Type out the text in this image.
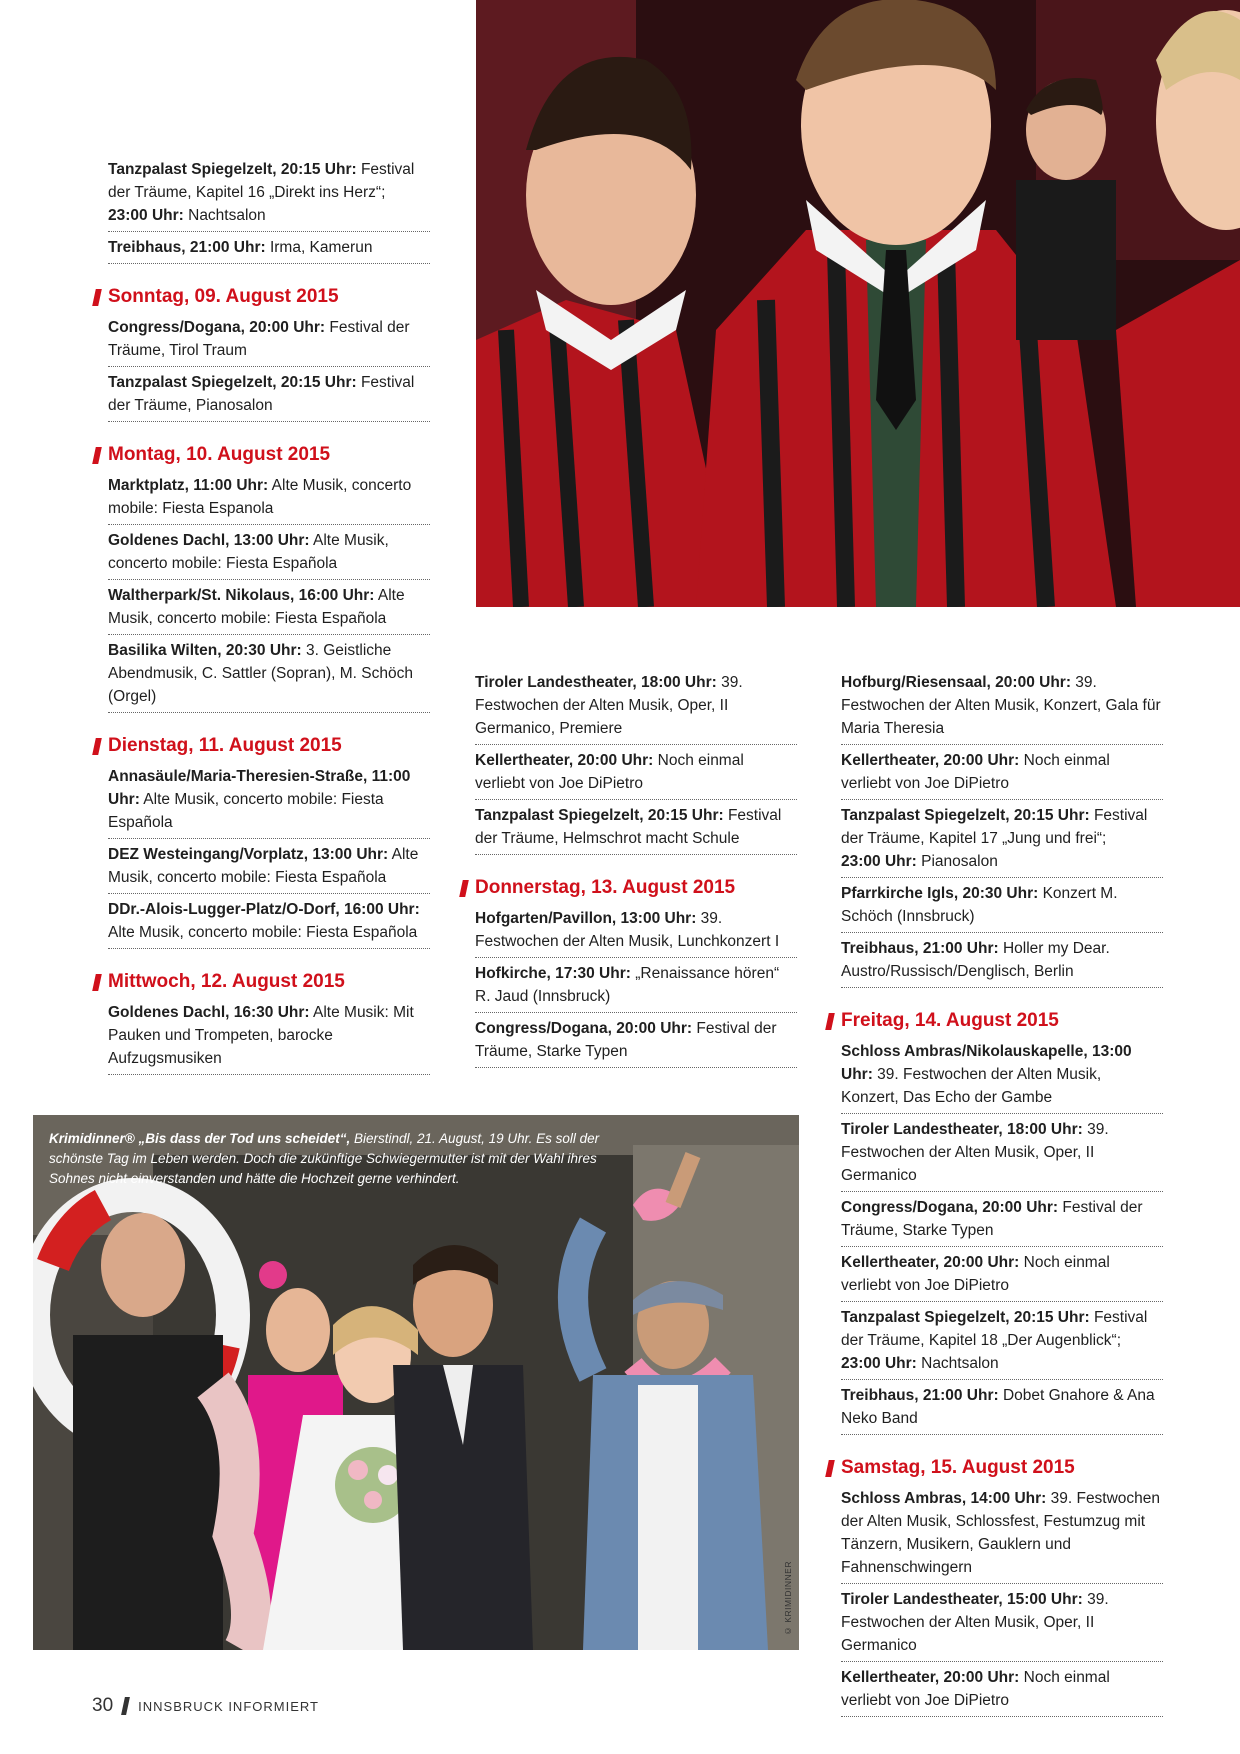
Tanzpalast Spiegelzelt, 20:15 Uhr: Festival der Träume, Kapitel 16 „Direkt ins Herz“;
23:00 Uhr: Nachtsalon
Treibhaus, 21:00 Uhr: Irma, Kamerun
Sonntag, 09. August 2015
Congress/Dogana, 20:00 Uhr: Festival der Träume, Tirol Traum
Tanzpalast Spiegelzelt, 20:15 Uhr: Festival der Träume, Pianosalon
Montag, 10. August 2015
Marktplatz, 11:00 Uhr: Alte Musik, concerto mobile: Fiesta Espanola
Goldenes Dachl, 13:00 Uhr: Alte Musik, concerto mobile: Fiesta Española
Waltherpark/St. Nikolaus, 16:00 Uhr: Alte Musik, concerto mobile: Fiesta Española
Basilika Wilten, 20:30 Uhr: 3. Geistliche Abendmusik, C. Sattler (Sopran), M. Schöch (Orgel)
Dienstag, 11. August 2015
Annasäule/Maria-Theresien-Straße, 11:00 Uhr: Alte Musik, concerto mobile: Fiesta Española
DEZ Westeingang/Vorplatz, 13:00 Uhr: Alte Musik, concerto mobile: Fiesta Española
DDr.-Alois-Lugger-Platz/O-Dorf, 16:00 Uhr: Alte Musik, concerto mobile: Fiesta Española
Mittwoch, 12. August 2015
Goldenes Dachl, 16:30 Uhr: Alte Musik: Mit Pauken und Trompeten, barocke Aufzugsmusiken
Tiroler Landestheater, 18:00 Uhr: 39. Festwochen der Alten Musik, Oper, II Germanico, Premiere
Kellertheater, 20:00 Uhr: Noch einmal verliebt von Joe DiPietro
Tanzpalast Spiegelzelt, 20:15 Uhr: Festival der Träume, Helmschrot macht Schule
Donnerstag, 13. August 2015
Hofgarten/Pavillon, 13:00 Uhr: 39. Festwochen der Alten Musik, Lunchkonzert I
Hofkirche, 17:30 Uhr: „Renaissance hören“ R. Jaud (Innsbruck)
Congress/Dogana, 20:00 Uhr: Festival der Träume, Starke Typen
Hofburg/Riesensaal, 20:00 Uhr: 39. Festwochen der Alten Musik, Konzert, Gala für Maria Theresia
Kellertheater, 20:00 Uhr: Noch einmal verliebt von Joe DiPietro
Tanzpalast Spiegelzelt, 20:15 Uhr: Festival der Träume, Kapitel 17 „Jung und frei“;
23:00 Uhr: Pianosalon
Pfarrkirche Igls, 20:30 Uhr: Konzert M. Schöch (Innsbruck)
Treibhaus, 21:00 Uhr: Holler my Dear. Austro/Russisch/Denglisch, Berlin
Freitag, 14. August 2015
Schloss Ambras/Nikolauskapelle, 13:00 Uhr: 39. Festwochen der Alten Musik, Konzert, Das Echo der Gambe
Tiroler Landestheater, 18:00 Uhr: 39. Festwochen der Alten Musik, Oper, II Germanico
Congress/Dogana, 20:00 Uhr: Festival der Träume, Starke Typen
Kellertheater, 20:00 Uhr: Noch einmal verliebt von Joe DiPietro
Tanzpalast Spiegelzelt, 20:15 Uhr: Festival der Träume, Kapitel 18 „Der Augenblick“;
23:00 Uhr: Nachtsalon
Treibhaus, 21:00 Uhr: Dobet Gnahore & Ana Neko Band
Samstag, 15. August 2015
Schloss Ambras, 14:00 Uhr: 39. Festwochen der Alten Musik, Schlossfest, Festumzug mit Tänzern, Musikern, Gauklern und Fahnenschwingern
Tiroler Landestheater, 15:00 Uhr: 39. Festwochen der Alten Musik, Oper, II Germanico
Kellertheater, 20:00 Uhr: Noch einmal verliebt von Joe DiPietro
Krimidinner® „Bis dass der Tod uns scheidet“, Bierstindl, 21. August, 19 Uhr. Es soll der schönste Tag im Leben werden. Doch die zukünftige Schwiegermutter ist mit der Wahl ihres Sohnes nicht einverstanden und hätte die Hochzeit gerne verhindert.
© KRIMIDINNER
30 INNSBRUCK INFORMIERT
